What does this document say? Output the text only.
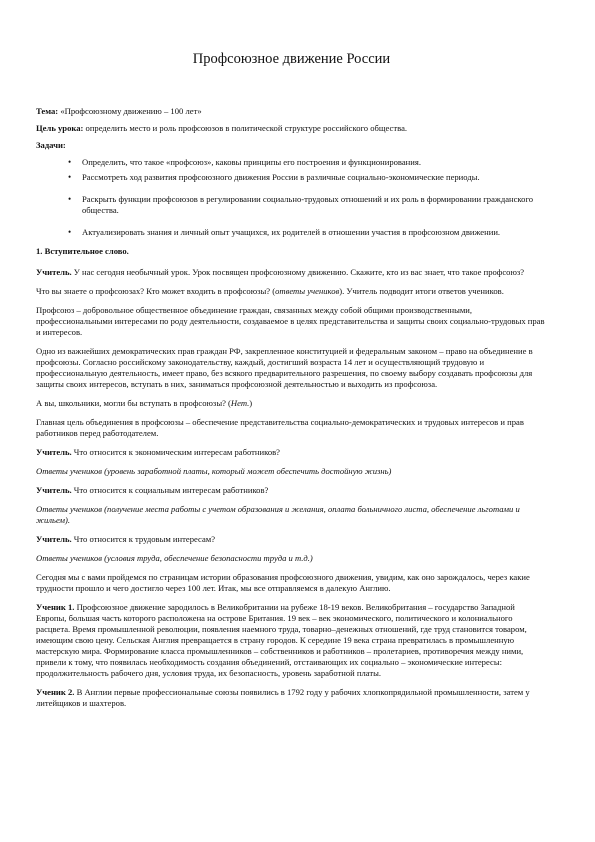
Профсоюзное движение России

Тема: «Профсоюзному движению – 100 лет»

Цель урока: определить место и роль профсоюзов в политической структуре российского общества.

Задачи:

• Определить, что такое «профсоюз», каковы принципы его построения и функционирования.
• Рассмотреть ход развития профсоюзного движения России в различные социально-экономические периоды.
• Раскрыть функции профсоюзов в регулировании социально-трудовых отношений и их роль в формировании гражданского общества.
• Актуализировать знания и личный опыт учащихся, их родителей в отношении участия в профсоюзном движении.

1. Вступительное слово.

Учитель. У нас сегодня необычный урок. Урок посвящен профсоюзному движению. Скажите, кто из вас знает, что такое профсоюз?

Что вы знаете о профсоюзах? Кто может входить в профсоюзы? (ответы учеников). Учитель подводит итоги ответов учеников.

Профсоюз – добровольное общественное объединение граждан, связанных между собой общими производственными, профессиональными интересами по роду деятельности, создаваемое в целях представительства и защиты своих социально-трудовых прав и интересов.

Одно из важнейших демократических прав граждан РФ, закрепленное конституцией и федеральным законом – право на объединение в профсоюзы. Согласно российскому законодательству, каждый, достигший возраста 14 лет и осуществляющий трудовую и профессиональную деятельность, имеет право, без всякого предварительного разрешения, по своему выбору создавать профсоюзы для защиты своих интересов, вступать в них, заниматься профсоюзной деятельностью и выходить из профсоюза.

А вы, школьники, могли бы вступать в профсоюзы? (Нет.)

Главная цель объединения в профсоюзы – обеспечение представительства социально-демократических и трудовых интересов и прав работников перед работодателем.

Учитель. Что относится к экономическим интересам работников?

Ответы учеников (уровень заработной платы, который может обеспечить достойную жизнь)

Учитель. Что относится к социальным интересам работников?

Ответы учеников (получение места работы с учетом образования и желания, оплата больничного листа, обеспечение льготами и жильем).

Учитель. Что относится к трудовым интересам?

Ответы учеников (условия труда, обеспечение безопасности труда и т.д.)

Сегодня мы с вами пройдемся по страницам истории образования профсоюзного движения, увидим, как оно зарождалось, через какие трудности прошло и чего достигло через 100 лет. Итак, мы все отправляемся в далекую Англию.

Ученик 1. Профсоюзное движение зародилось в Великобритании на рубеже 18-19 веков. Великобритания – государство Западной Европы, большая часть которого расположена на острове Британия. 19 век – век экономического, политического и колониального расцвета. Время промышленной революции, появления наемного труда, товарно–денежных отношений, где труд становится товаром, имеющим свою цену. Сельская Англия превращается в страну городов. К середине 19 века страна превратилась в промышленную мастерскую мира. Формирование класса промышленников – собственников и работников – пролетариев, противоречия между ними, привели к тому, что появилась необходимость создания объединений, отстаивающих их социально – экономические интересы: продолжительность рабочего дня, условия труда, их безопасность, уровень заработной платы.

Ученик 2. В Англии первые профессиональные союзы появились в 1792 году у рабочих хлопкопрядильной промышленности, затем у литейщиков и шахтеров.
